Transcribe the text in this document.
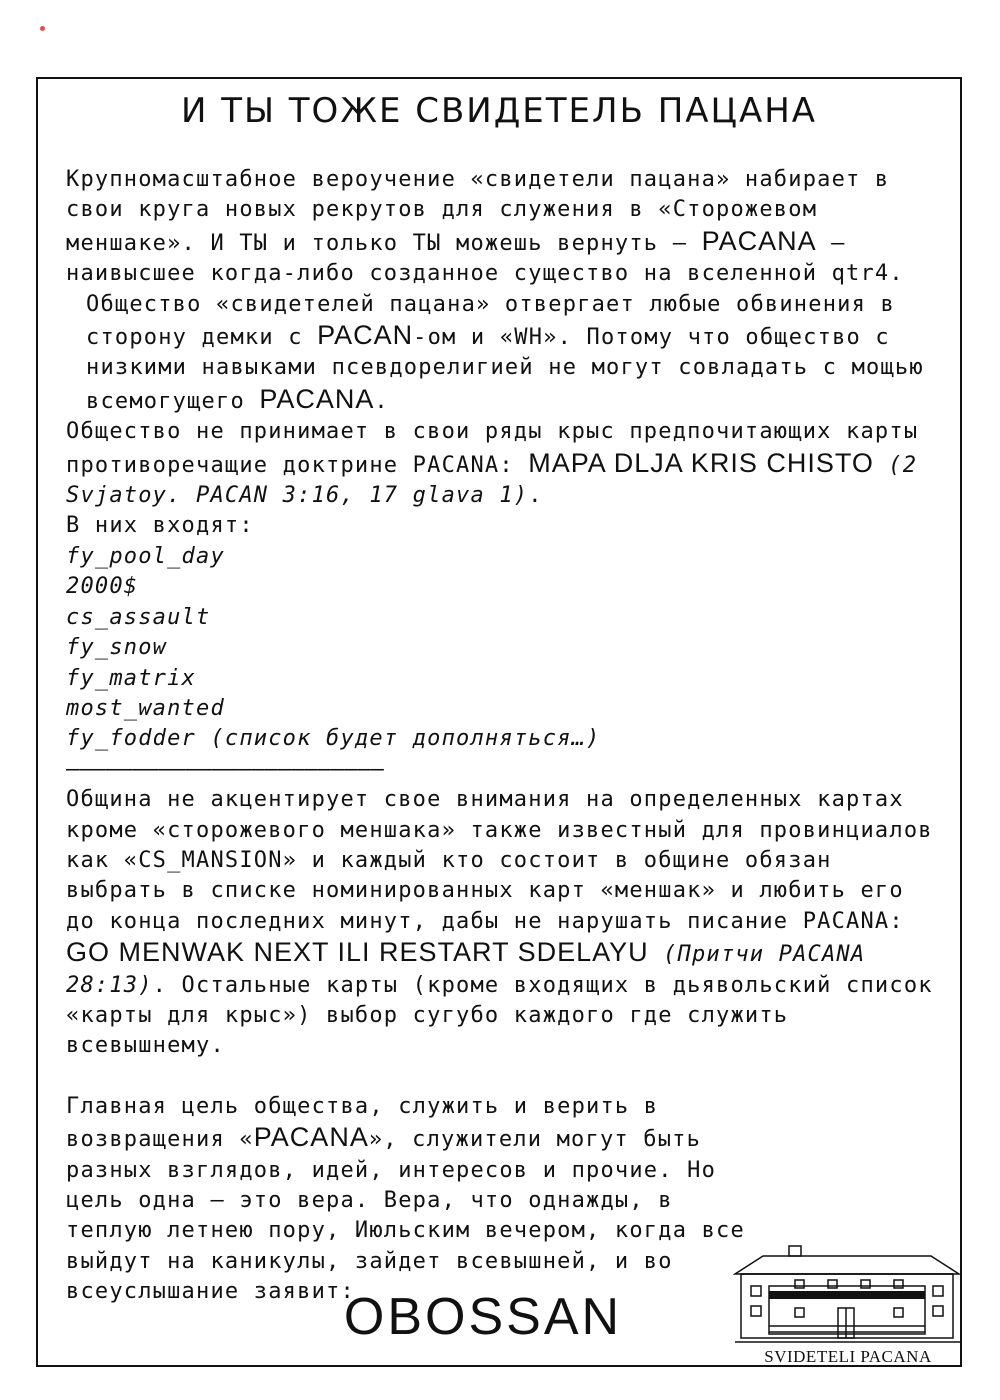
И ТЫ ТОЖЕ СВИДЕТЕЛЬ ПАЦАНА
Крупномасштабное вероучение «свидетели пацана» набирает в свои круга новых рекрутов для служения в «Сторожевом меншаке». И ТЫ и только ТЫ можешь вернуть — PACANA — наивысшее когда-либо созданное существо на вселенной qtr4.
Общество «свидетелей пацана» отвергает любые обвинения в сторону демки с PACAN-ом и «WH». Потому что общество с низкими навыками псевдорелигией не могут совладать с мощью всемогущего PACANA.
Общество не принимает в свои ряды крыс предпочитающих карты противоречащие доктрине PACANA: MAPA DLJA KRIS CHISTO (2 Svjatoy. PACAN 3:16, 17 glava 1).
В них входят:
fy_pool_day
2000$
cs_assault
fy_snow
fy_matrix
most_wanted
fy_fodder (список будет дополняться…)
————————————————————————
Община не акцентирует свое внимания на определенных картах кроме «сторожевого меншака» также известный для провинциалов как «CS_MANSION» и каждый кто состоит в общине обязан выбрать в списке номинированных карт «меншак» и любить его до конца последних минут, дабы не нарушать писание PACANA: GO MENWAK NEXT ILI RESTART SDELAYU (Притчи PACANA 28:13). Остальные карты (кроме входящих в дьявольский список «карты для крыс») выбор сугубо каждого где служить всевышнему.
Главная цель общества, служить и верить в возвращения «PACANA», служители могут быть разных взглядов, идей, интересов и прочие. Но цель одна — это вера. Вера, что однажды, в теплую летнею пору, Июльским вечером, когда все выйдут на каникулы, зайдет всевышней, и во всеуслышание заявит:
OBOSSAN
SVIDETELI PACANA
